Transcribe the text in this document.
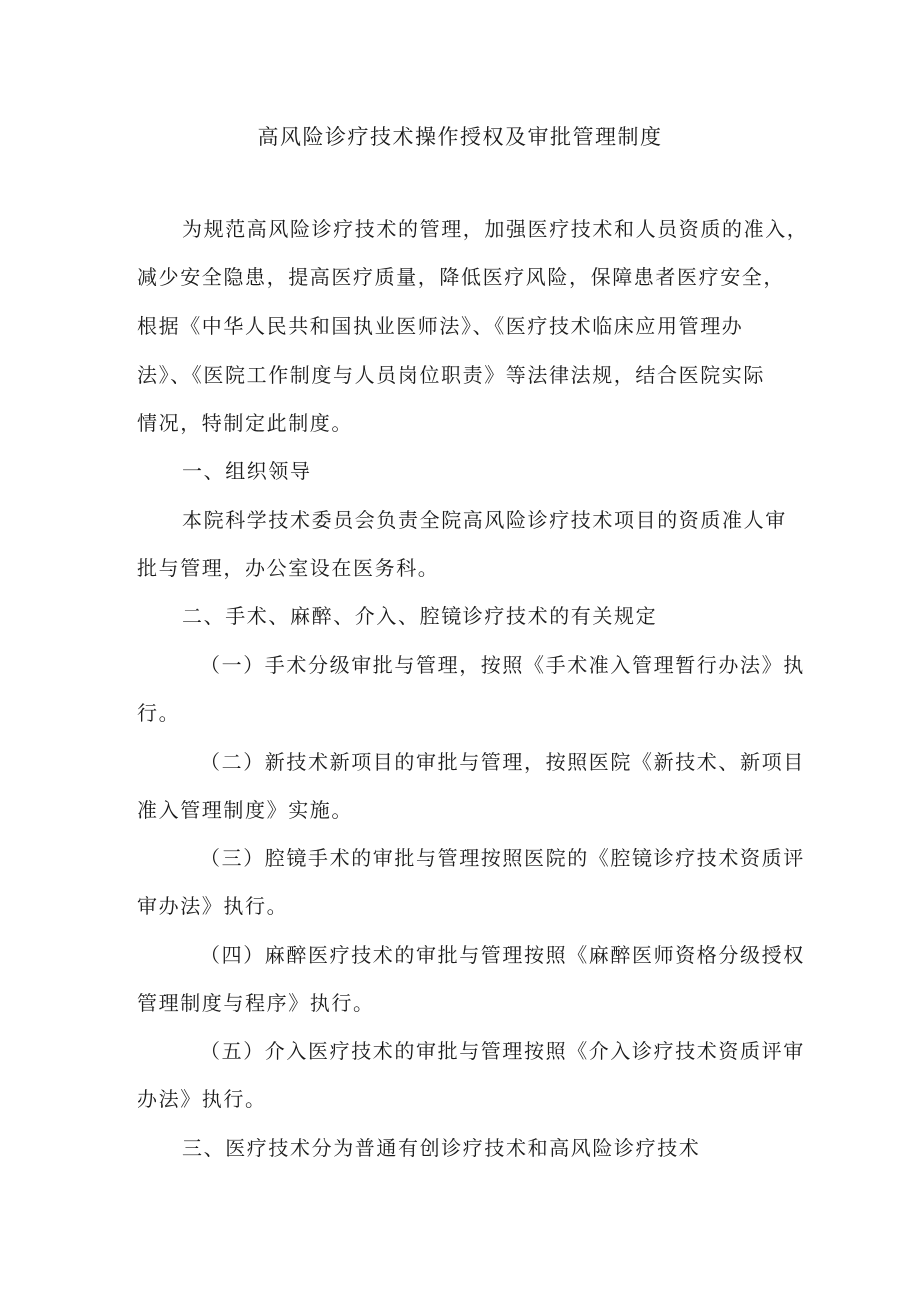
高风险诊疗技术操作授权及审批管理制度
为规范高风险诊疗技术的管理，加强医疗技术和人员资质的准入，
减少安全隐患，提高医疗质量，降低医疗风险，保障患者医疗安全，
根据《中华人民共和国执业医师法》、《医疗技术临床应用管理办
法》、《医院工作制度与人员岗位职责》等法律法规，结合医院实际
情况，特制定此制度。
一、组织领导
本院科学技术委员会负责全院高风险诊疗技术项目的资质准人审
批与管理，办公室设在医务科。
二、手术、麻醉、介入、腔镜诊疗技术的有关规定
（一）手术分级审批与管理，按照《手术准入管理暂行办法》执
行。
（二）新技术新项目的审批与管理，按照医院《新技术、新项目
准入管理制度》实施。
（三）腔镜手术的审批与管理按照医院的《腔镜诊疗技术资质评
审办法》执行。
（四）麻醉医疗技术的审批与管理按照《麻醉医师资格分级授权
管理制度与程序》执行。
（五）介入医疗技术的审批与管理按照《介入诊疗技术资质评审
办法》执行。
三、医疗技术分为普通有创诊疗技术和高风险诊疗技术
